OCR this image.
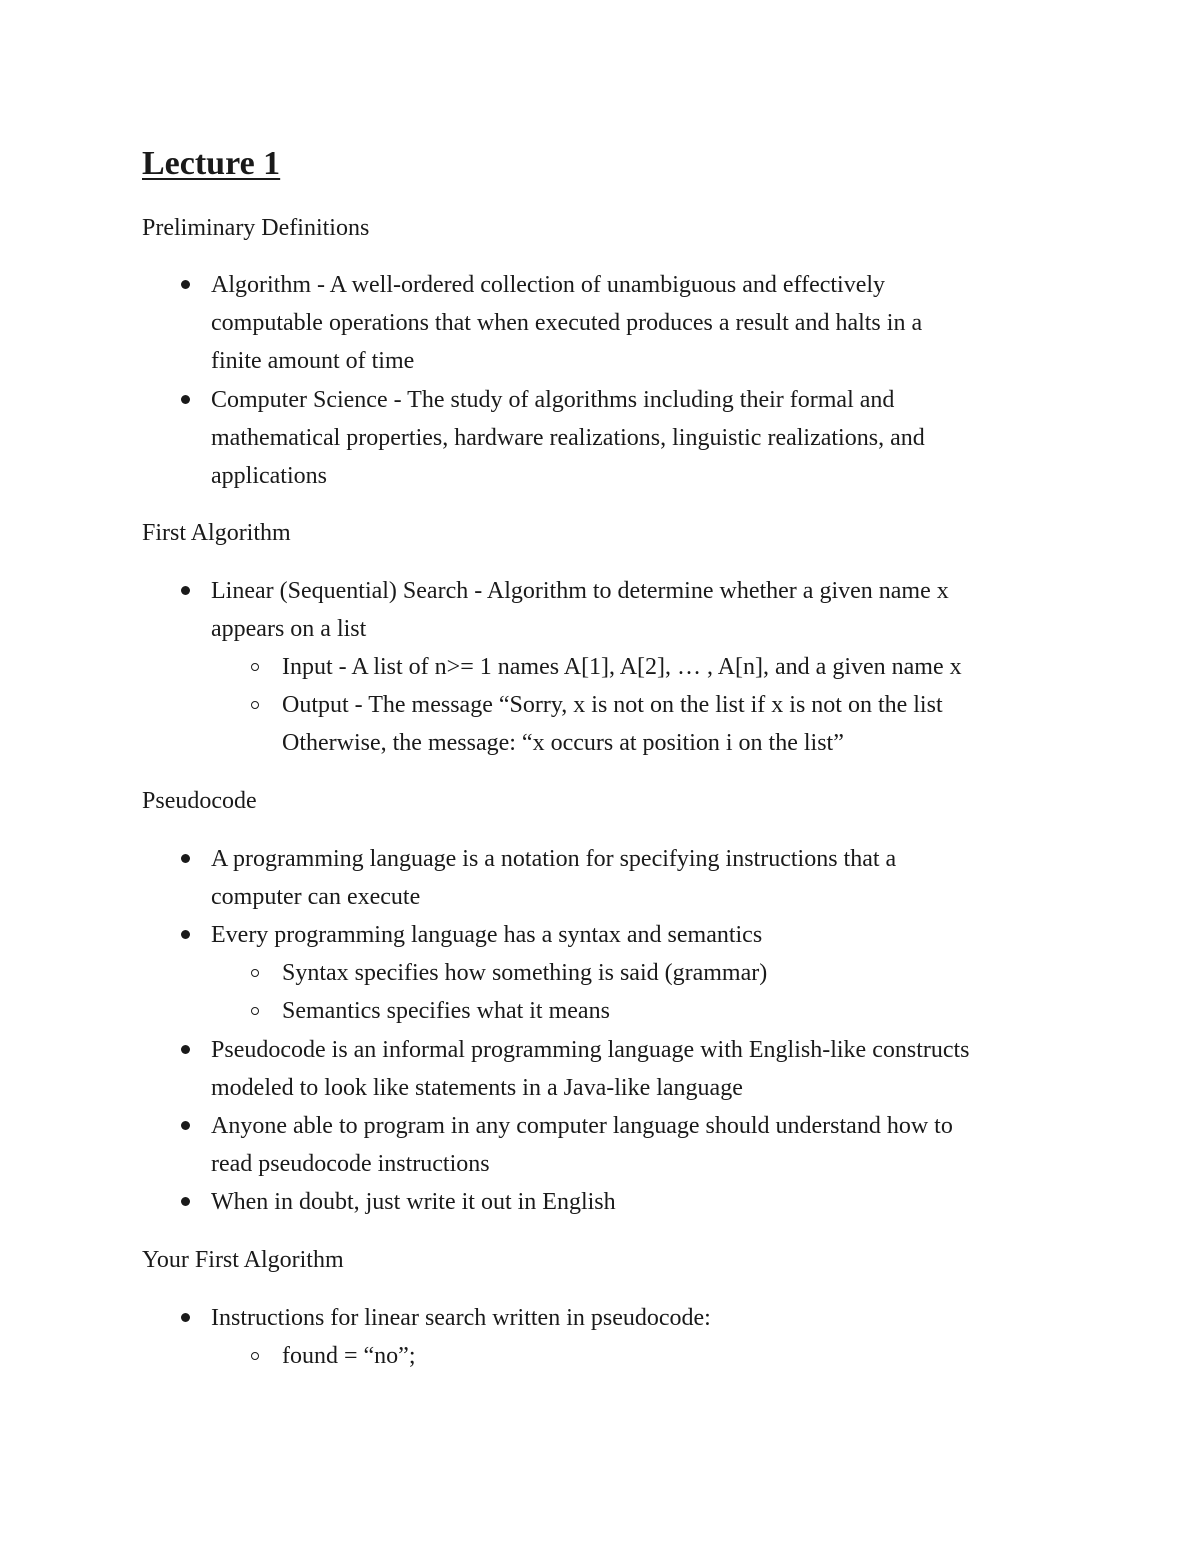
Lecture 1

Preliminary Definitions

Algorithm - A well-ordered collection of unambiguous and effectively
computable operations that when executed produces a result and halts in a
finite amount of time
Computer Science - The study of algorithms including their formal and
mathematical properties, hardware realizations, linguistic realizations, and
applications

First Algorithm

Linear (Sequential) Search - Algorithm to determine whether a given name x
appears on a list
Input - A list of n>= 1 names A[1], A[2], … , A[n], and a given name x
Output - The message “Sorry, x is not on the list if x is not on the list
Otherwise, the message: “x occurs at position i on the list”

Pseudocode

A programming language is a notation for specifying instructions that a
computer can execute
Every programming language has a syntax and semantics
Syntax specifies how something is said (grammar)
Semantics specifies what it means
Pseudocode is an informal programming language with English-like constructs
modeled to look like statements in a Java-like language
Anyone able to program in any computer language should understand how to
read pseudocode instructions
When in doubt, just write it out in English

Your First Algorithm

Instructions for linear search written in pseudocode:
found = “no”;
